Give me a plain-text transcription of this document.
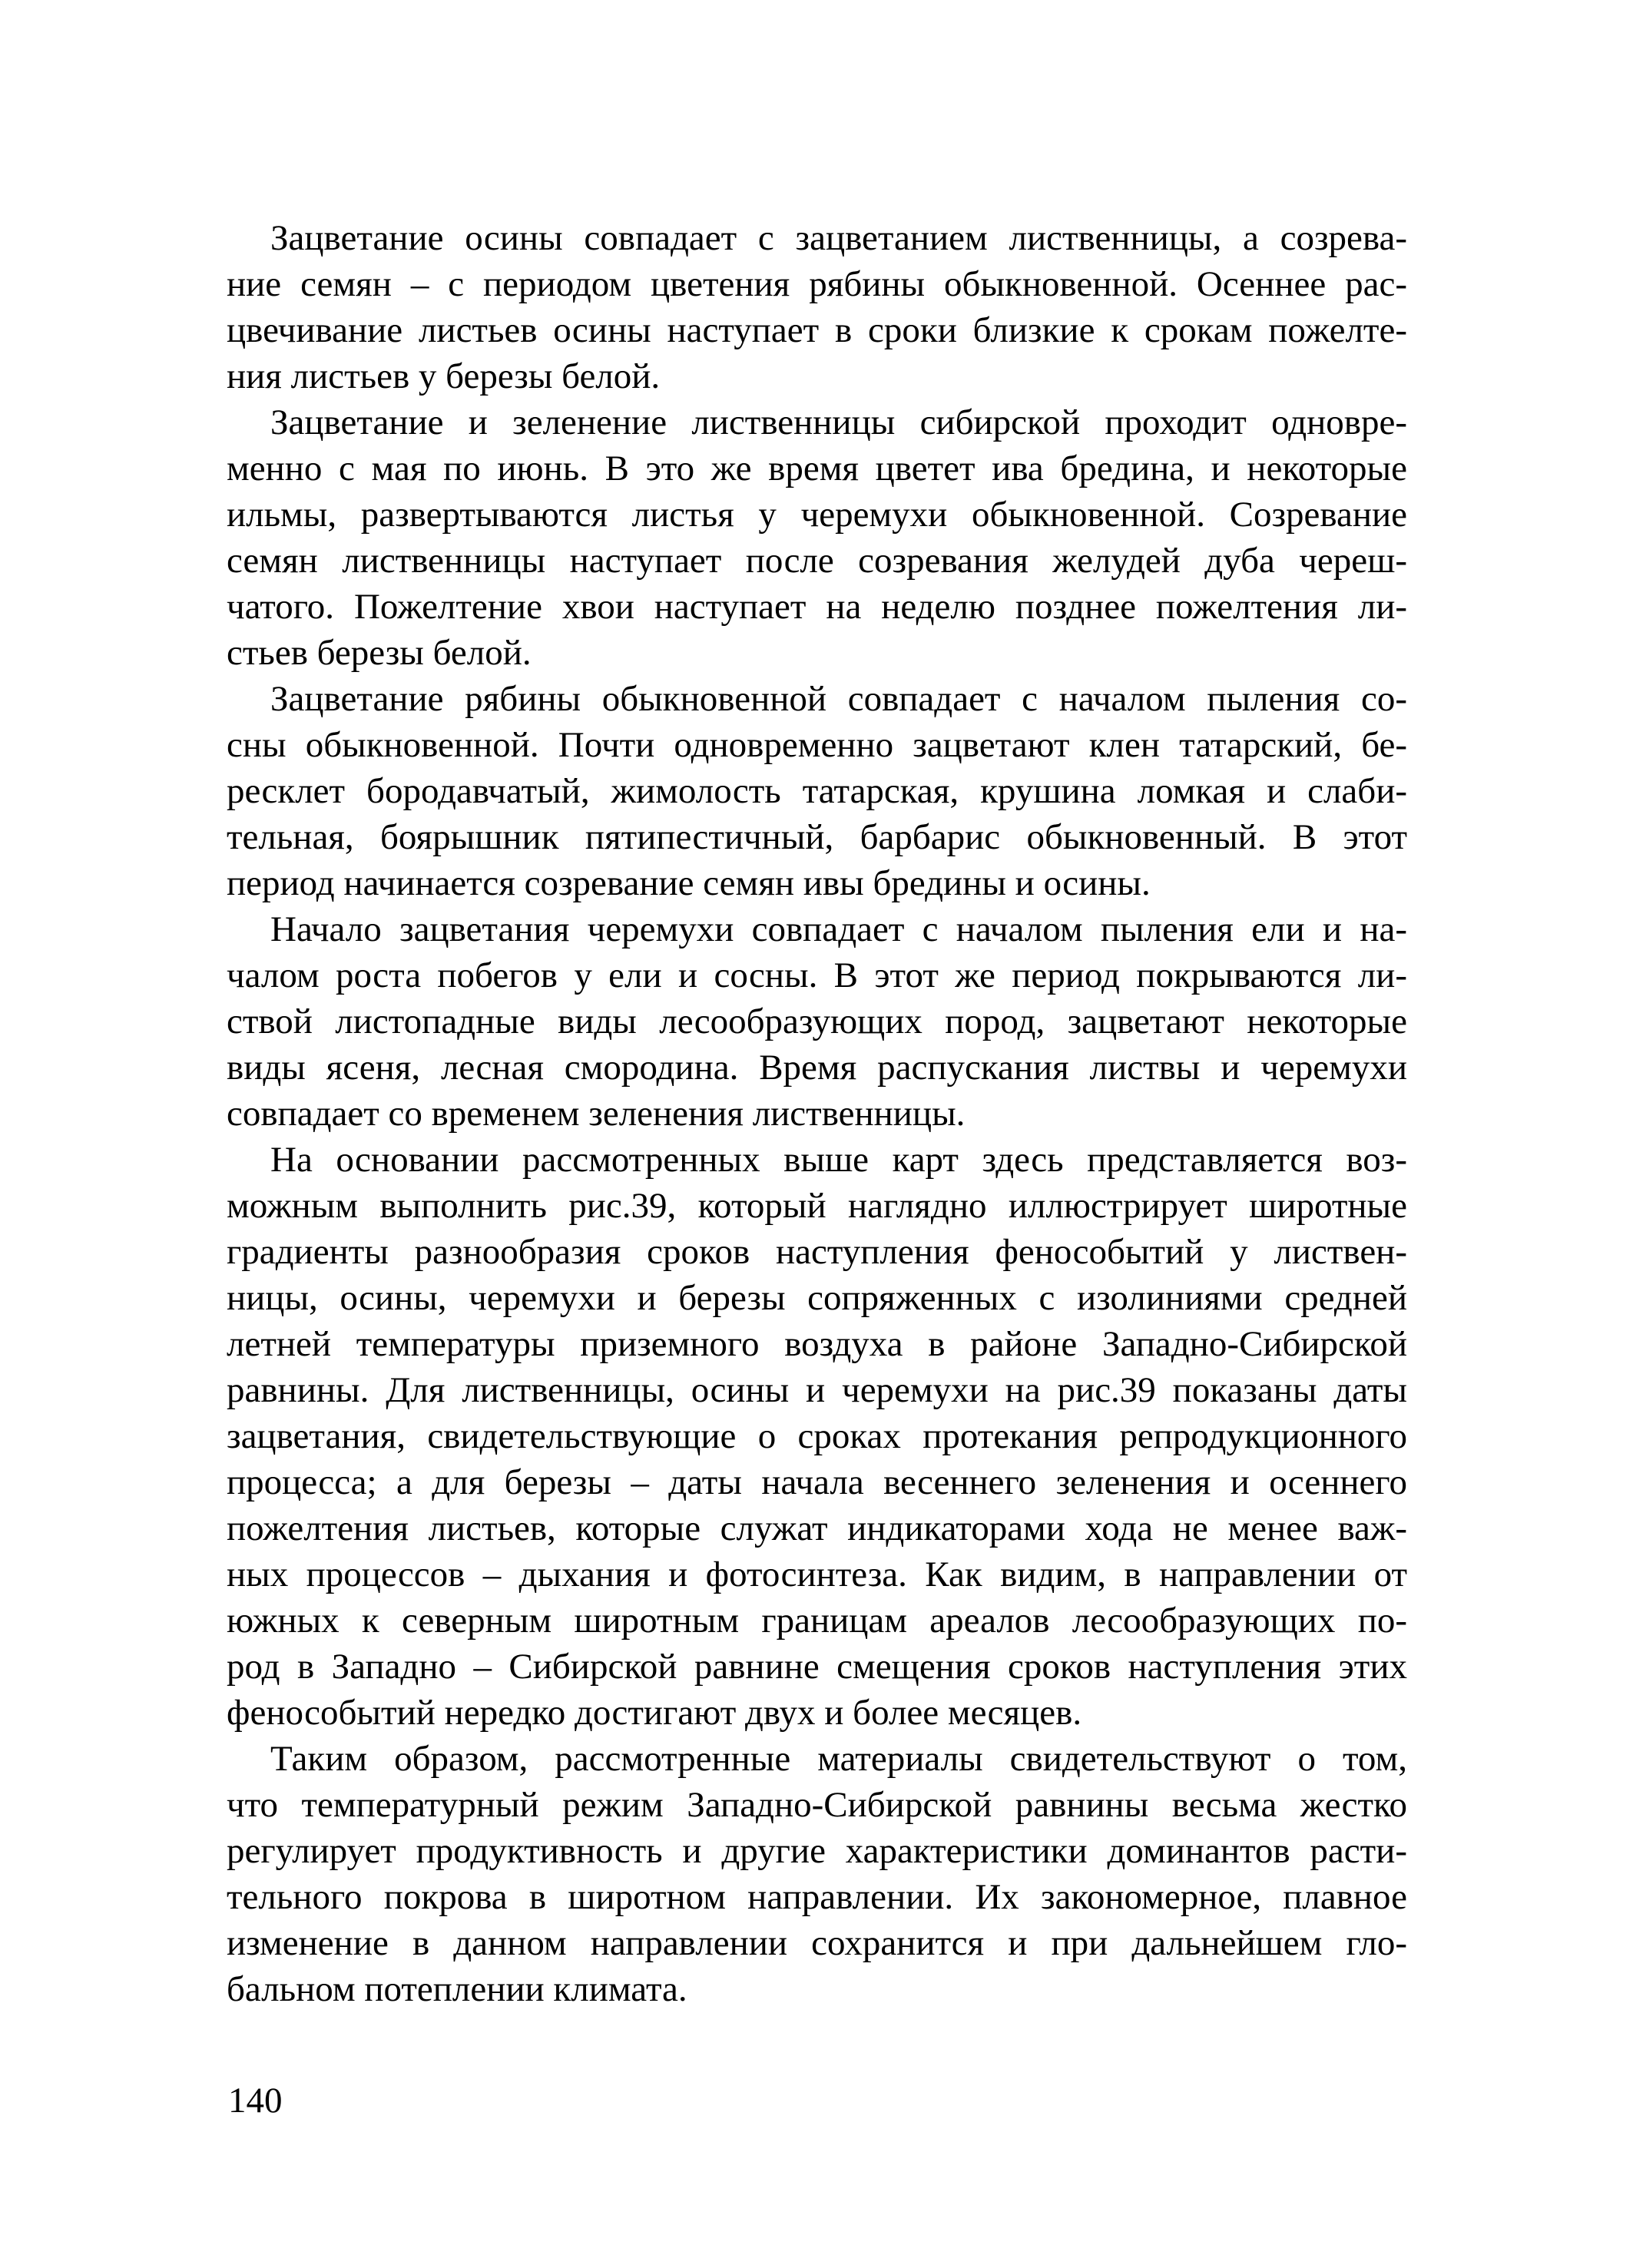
Зацветание осины совпадает с зацветанием лиственницы, а созрева-
ние семян – с периодом цветения рябины обыкновенной. Осеннее рас-
цвечивание листьев осины наступает в сроки близкие к срокам пожелте-
ния листьев у березы белой.
Зацветание и зеленение лиственницы сибирской проходит одновре-
менно с мая по июнь. В это же время цветет ива бредина, и некоторые
ильмы, развертываются листья у черемухи обыкновенной. Созревание
семян лиственницы наступает после созревания желудей дуба череш-
чатого. Пожелтение хвои наступает на неделю позднее пожелтения ли-
стьев березы белой.
Зацветание рябины обыкновенной совпадает с началом пыления со-
сны обыкновенной. Почти одновременно зацветают клен татарский, бе-
ресклет бородавчатый, жимолость татарская, крушина ломкая и слаби-
тельная, боярышник пятипестичный, барбарис обыкновенный. В этот
период начинается созревание семян ивы бредины и осины.
Начало зацветания черемухи совпадает с началом пыления ели и на-
чалом роста побегов у ели и сосны. В этот же период покрываются ли-
ствой листопадные виды лесообразующих пород, зацветают некоторые
виды ясеня, лесная смородина. Время распускания листвы и черемухи
совпадает со временем зеленения лиственницы.
На основании рассмотренных выше карт здесь представляется воз-
можным выполнить рис.39, который наглядно иллюстрирует широтные
градиенты разнообразия сроков наступления фенособытий у листвен-
ницы, осины, черемухи и березы сопряженных с изолиниями средней
летней температуры приземного воздуха в районе Западно-Сибирской
равнины. Для лиственницы, осины и черемухи на рис.39 показаны даты
зацветания, свидетельствующие о сроках протекания репродукционного
процесса; а для березы – даты начала весеннего зеленения и осеннего
пожелтения листьев, которые служат индикаторами хода не менее важ-
ных процессов – дыхания и фотосинтеза. Как видим, в направлении от
южных к северным широтным границам ареалов лесообразующих по-
род в Западно – Сибирской равнине смещения сроков наступления этих
фенособытий нередко достигают двух и более месяцев.
Таким образом, рассмотренные материалы свидетельствуют о том,
что температурный режим Западно-Сибирской равнины весьма жестко
регулирует продуктивность и другие характеристики доминантов расти-
тельного покрова в широтном направлении. Их закономерное, плавное
изменение в данном направлении сохранится и при дальнейшем гло-
бальном потеплении климата.
140
